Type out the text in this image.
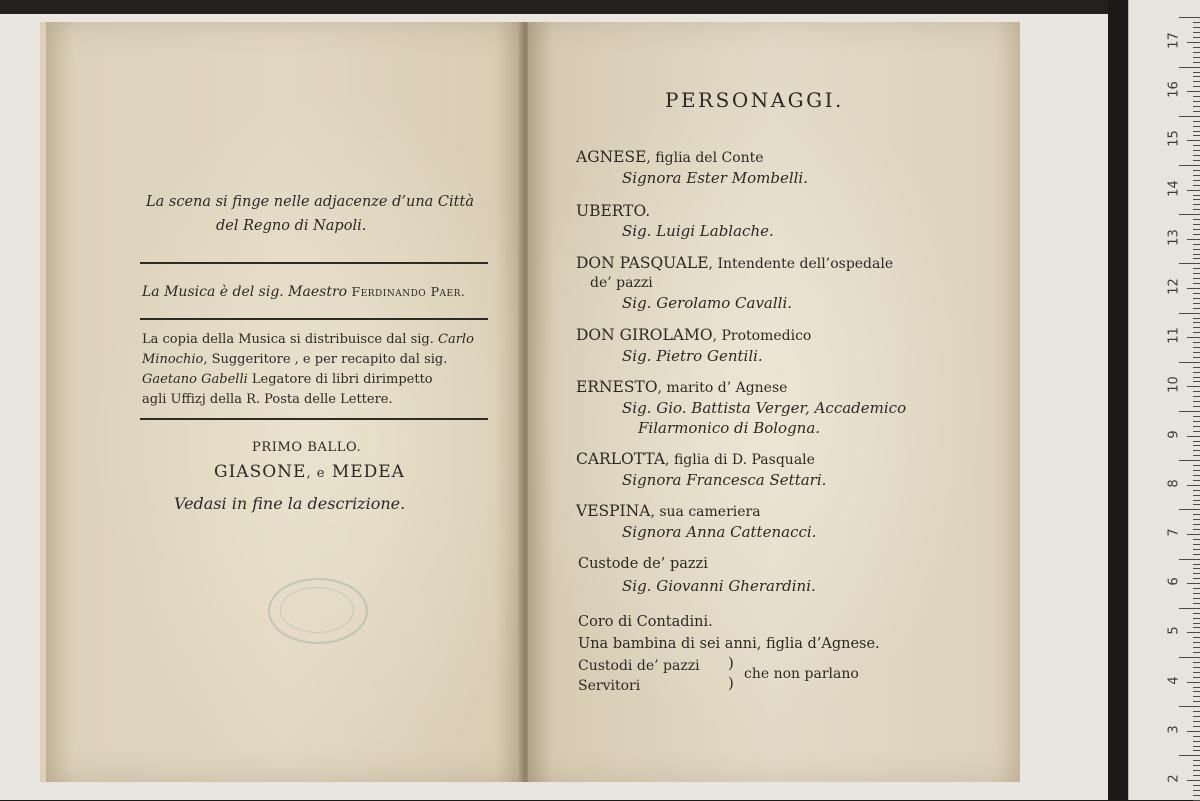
17
16
15
14
13
12
11
10
9
8
7
6
5
4
3
2
La scena si finge nelle adjacenze d’una Città
del Regno di Napoli.
La Musica è del sig. Maestro Ferdinando Paer.
La copia della Musica si distribuisce dal sig. Carlo
Minochio, Suggeritore , e per recapito dal sig.
Gaetano Gabelli Legatore di libri dirimpetto
agli Uffizj della R. Posta delle Lettere.
PRIMO BALLO.
GIASONE, e MEDEA
Vedasi in fine la descrizione.
PERSONAGGI.
AGNESE, figlia del Conte
Signora Ester Mombelli.
UBERTO.
Sig. Luigi Lablache.
DON PASQUALE, Intendente dell’ospedale
de’ pazzi
Sig. Gerolamo Cavalli.
DON GIROLAMO, Protomedico
Sig. Pietro Gentili.
ERNESTO, marito d’ Agnese
Sig. Gio. Battista Verger, Accademico
Filarmonico di Bologna.
CARLOTTA, figlia di D. Pasquale
Signora Francesca Settari.
VESPINA, sua cameriera
Signora Anna Cattenacci.
Custode de’ pazzi
Sig. Giovanni Gherardini.
Coro di Contadini.
Una bambina di sei anni, figlia d’Agnese.
Custodi de’ pazzi
Servitori
)
) che non parlano
